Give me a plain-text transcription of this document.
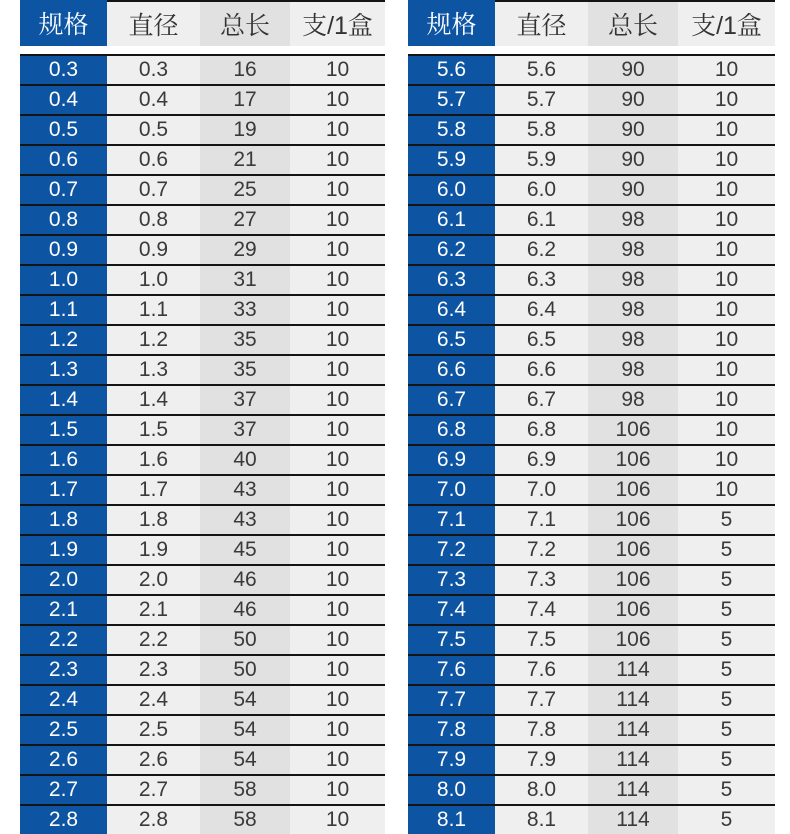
规格	直径	总长	支/1盒
0.3	0.3	16	10
0.4	0.4	17	10
0.5	0.5	19	10
0.6	0.6	21	10
0.7	0.7	25	10
0.8	0.8	27	10
0.9	0.9	29	10
1.0	1.0	31	10
1.1	1.1	33	10
1.2	1.2	35	10
1.3	1.3	35	10
1.4	1.4	37	10
1.5	1.5	37	10
1.6	1.6	40	10
1.7	1.7	43	10
1.8	1.8	43	10
1.9	1.9	45	10
2.0	2.0	46	10
2.1	2.1	46	10
2.2	2.2	50	10
2.3	2.3	50	10
2.4	2.4	54	10
2.5	2.5	54	10
2.6	2.6	54	10
2.7	2.7	58	10
2.8	2.8	58	10
规格	直径	总长	支/1盒
5.6	5.6	90	10
5.7	5.7	90	10
5.8	5.8	90	10
5.9	5.9	90	10
6.0	6.0	90	10
6.1	6.1	98	10
6.2	6.2	98	10
6.3	6.3	98	10
6.4	6.4	98	10
6.5	6.5	98	10
6.6	6.6	98	10
6.7	6.7	98	10
6.8	6.8	106	10
6.9	6.9	106	10
7.0	7.0	106	10
7.1	7.1	106	5
7.2	7.2	106	5
7.3	7.3	106	5
7.4	7.4	106	5
7.5	7.5	106	5
7.6	7.6	114	5
7.7	7.7	114	5
7.8	7.8	114	5
7.9	7.9	114	5
8.0	8.0	114	5
8.1	8.1	114	5
